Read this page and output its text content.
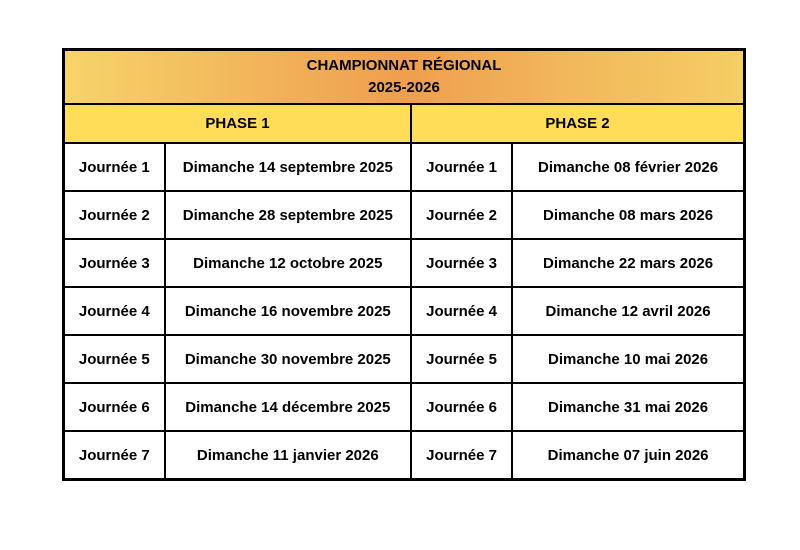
CHAMPIONNAT RÉGIONAL
2025-2026			

PHASE 1		PHASE 2	
Journée 1	Dimanche 14 septembre 2025	Journée 1	Dimanche 08 février 2026
Journée 2	Dimanche 28 septembre 2025	Journée 2	Dimanche 08 mars 2026
Journée 3	Dimanche 12 octobre 2025	Journée 3	Dimanche 22 mars 2026
Journée 4	Dimanche 16 novembre 2025	Journée 4	Dimanche 12 avril 2026
Journée 5	Dimanche 30 novembre 2025	Journée 5	Dimanche 10 mai 2026
Journée 6	Dimanche 14 décembre 2025	Journée 6	Dimanche 31 mai 2026
Journée 7	Dimanche 11 janvier 2026	Journée 7	Dimanche 07 juin 2026
